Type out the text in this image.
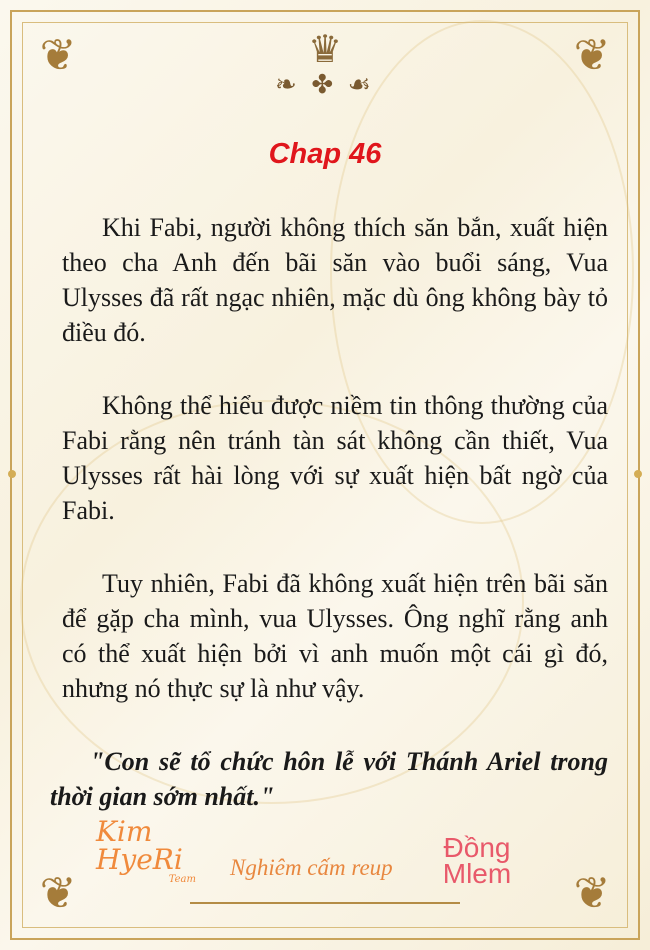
❦	❦
❦	❦
♛
❧ ✤ ☙
Chap 46

Khi Fabi, người không thích săn bắn, xuất hiện theo cha Anh đến bãi săn vào buổi sáng, Vua Ulysses đã rất ngạc nhiên, mặc dù ông không bày tỏ điều đó.

Không thể hiểu được niềm tin thông thường của Fabi rằng nên tránh tàn sát không cần thiết, Vua Ulysses rất hài lòng với sự xuất hiện bất ngờ của Fabi.

Tuy nhiên, Fabi đã không xuất hiện trên bãi săn để gặp cha mình, vua Ulysses. Ông nghĩ rằng anh có thể xuất hiện bởi vì anh muốn một cái gì đó, nhưng nó thực sự là như vậy.

"Con sẽ tổ chức hôn lễ với Thánh Ariel trong thời gian sớm nhất."

Kim HyeRi
Team	Nghiêm cấm reup
Đồng Mlem
